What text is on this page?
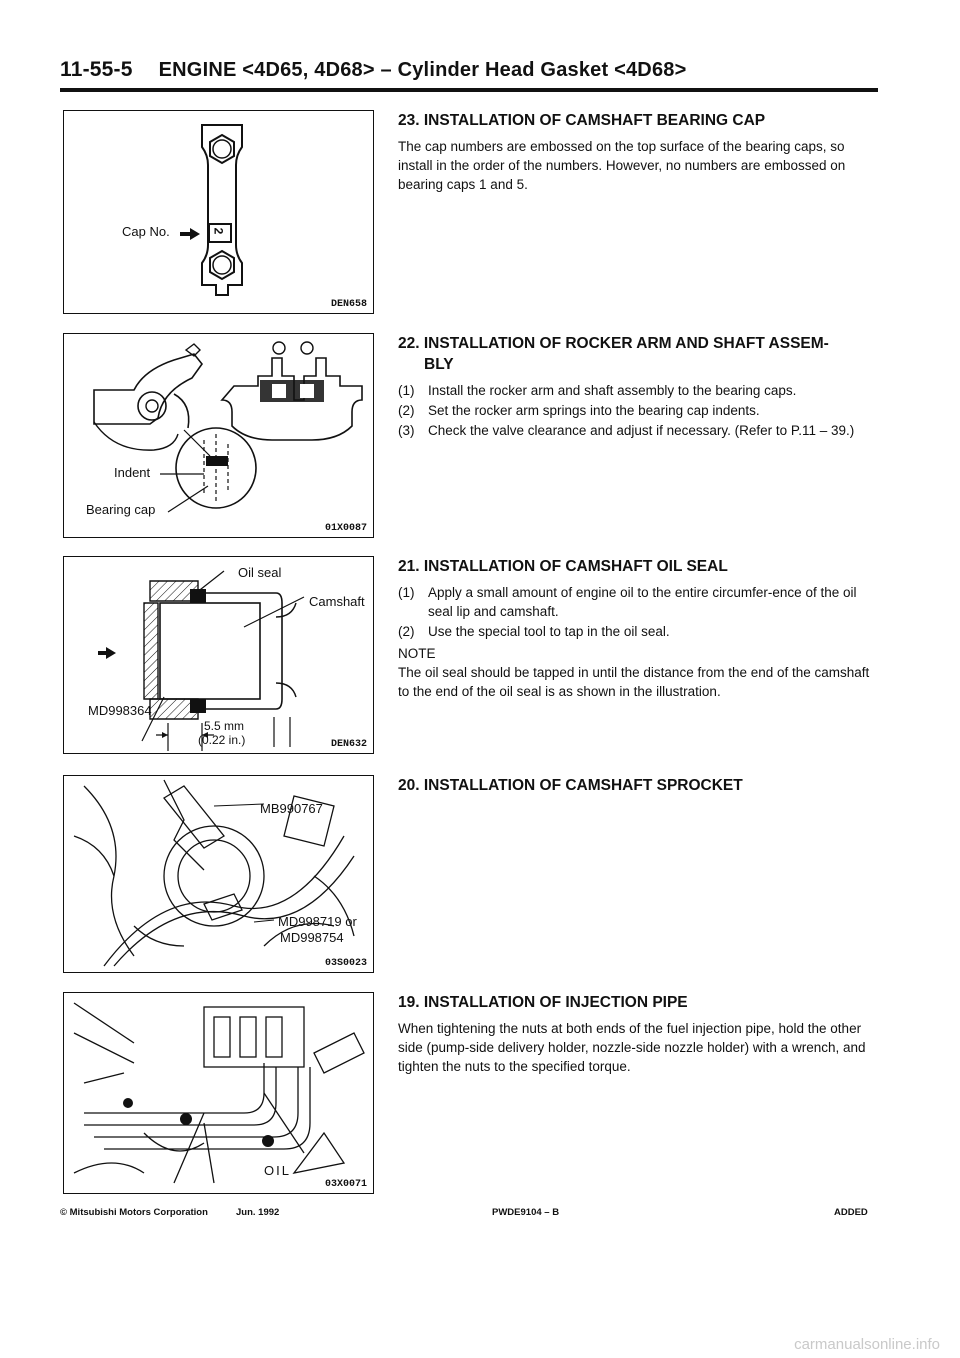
11-55-5 ENGINE <4D65, 4D68> – Cylinder Head Gasket <4D68>
Cap No.	2
DEN658
Indent
Bearing cap
01X0087
Oil seal
Camshaft
MD998364
5.5 mm
(0.22 in.)	DEN632
MB990767
MD998719 or
MD998754
03S0023
OIL
03X0071
23. INSTALLATION OF CAMSHAFT BEARING CAP

The cap numbers are embossed on the top surface of the bearing caps, so install in the order of the numbers. However, no numbers are embossed on bearing caps 1 and 5.

22. INSTALLATION OF ROCKER ARM AND SHAFT ASSEM-
BLY
(1) Install the rocker arm and shaft assembly to the bearing caps.
(2) Set the rocker arm springs into the bearing cap indents.
(3) Check the valve clearance and adjust if necessary. (Refer to P.11 – 39.)
21. INSTALLATION OF CAMSHAFT OIL SEAL
(1) Apply a small amount of engine oil to the entire circumfer-ence of the oil seal lip and camshaft.
(2) Use the special tool to tap in the oil seal.
NOTE

The oil seal should be tapped in until the distance from the end of the camshaft to the end of the oil seal is as shown in the illustration.

20. INSTALLATION OF CAMSHAFT SPROCKET
19. INSTALLATION OF INJECTION PIPE

When tightening the nuts at both ends of the fuel injection pipe, hold the other side (pump-side delivery holder, nozzle-side nozzle holder) with a wrench, and tighten the nuts to the specified torque.

© Mitsubishi Motors Corporation	Jun. 1992	PWDE9104 – B	ADDED
carmanualsonline.info
